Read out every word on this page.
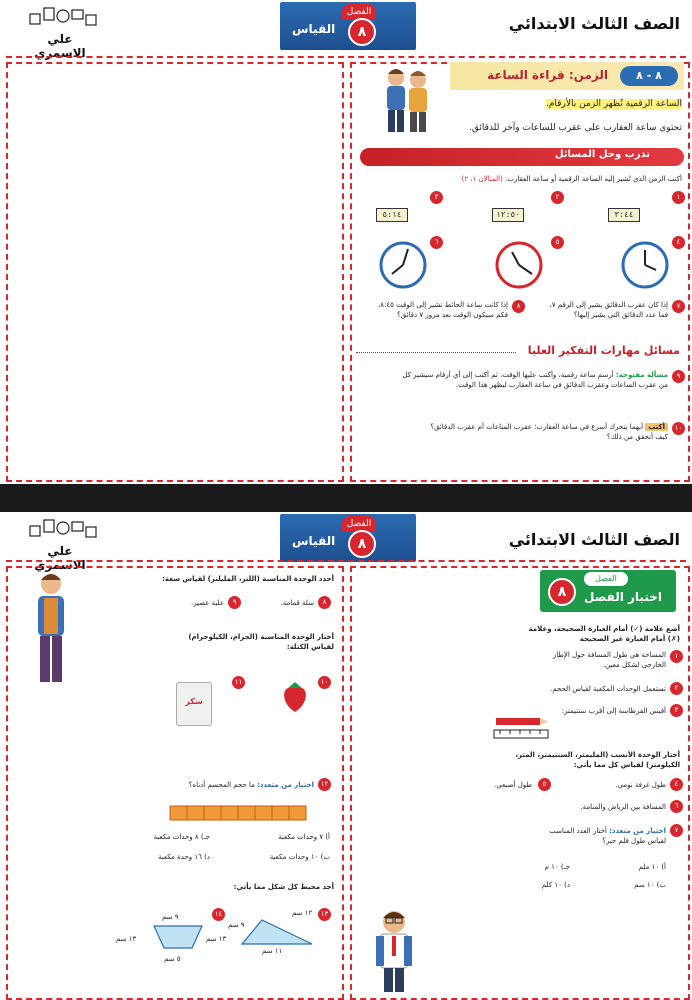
الصف الثالث الابتدائي
الفصل
٨
القياس
علي الاسمري
٨ - ٨
الزمن: قراءة الساعة
الساعة الرقمية تُظهر الزمن بالأرقام.
تحتوي ساعة العقارب على عقرب للساعات وآخر للدقائق.
تدرب وحل المسائل
أكتب الزمن الذي تُشير إليه الساعة الرقمية أو ساعة العقارب: (المثالان ١، ٢)
١
٢
٣
٣:٤٤
١٢:٥٠
٥:١٤
٤
٥
٦
٧
إذا كان عقرب الدقائق يشير إلى الرقم ٧،
فما عدد الدقائق التي يشير إليها؟
٨
إذا كانت ساعة الحائط تشير إلى الوقت ٨:٤٥،
فكم سيكون الوقت بعد مرور ٧ دقائق؟
مسائل مهارات التفكير العليا
٩
مسألة مفتوحة: أرسم ساعة رقمية، وأكتب عليها الوقت، ثم أكتب إلى أي أرقام سيشير كل
من عقرب الساعات وعقرب الدقائق في ساعة العقارب ليظهر هذا الوقت.
١٠
أكتب أيهما يتحرك أسرع في ساعة العقارب؛ عقرب الساعات أم عقرب الدقائق؟
كيف أتحقق من ذلك؟
الصف الثالث الابتدائي
الفصل
٨
القياس
علي الاسمري
الفصل
٨	اختبار الفصل
أضع علامة (✓) أمام العبارة الصحيحة، وعلامة
(✗) أمام العبارة غير الصحيحة
١
المساحة هي طول المسافة حول الإطار
الخارجي لشكل معين.
٢
تستعمل الوحدات المكعبة لقياس الحجم.
٣
أقيس القرطاسة إلى أقرب سنتيمتر:
أختار الوحدة الأنسب (المليمتر، السنتيمتر، المتر،
الكيلومتر) لقياس كل مما يأتي:
٤
طول غرفة نومي.
٥
طول أصبعي.
٦
المسافة بين الرياض والمنامة.
٧
اختيار من متعدد: أختار العدد المناسب
لقياس طول قلم حبر؟
أ) ١٠ ملم
جـ) ١٠ م
ب) ١٠ سم
د) ١٠ كلم
أحدد الوحدة المناسبة (اللتر، المليلتر) لقياس سعة:
٨
سلة قمامة.
٩
علبة عصير.
أختار الوحدة المناسبة (الجرام، الكيلوجرام)
لقياس الكتلة:
١٠
١١
سكر
١٢
اختيار من متعدد: ما حجم المجسم أدناه؟
أ) ٧ وحدات مكعبة
جـ) ٨ وحدات مكعبة
ب) ١٠ وحدات مكعبة
د) ١٦ وحدة مكعبة
أجد محيط كل شكل مما يأتي:
١٣
١٢ سم
٩ سم
١١ سم
١٤
٩ سم
١٣ سم	١٣ سم
٥ سم
